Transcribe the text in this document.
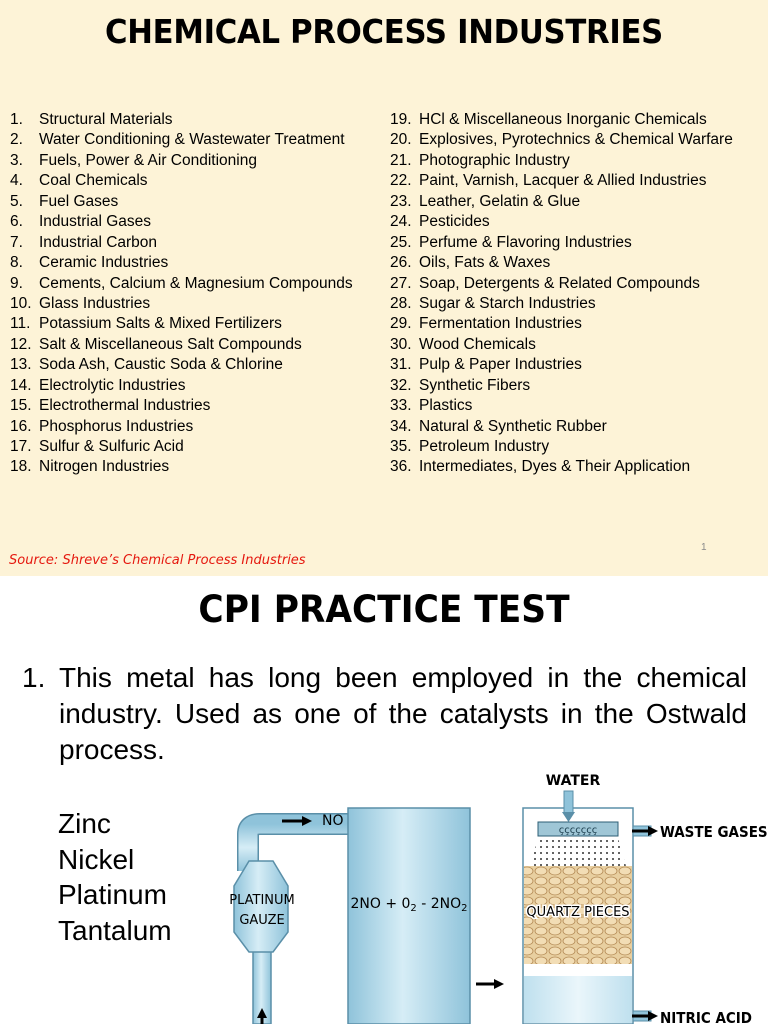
CHEMICAL PROCESS INDUSTRIES
1. Structural Materials
2. Water Conditioning & Wastewater Treatment
3. Fuels, Power & Air Conditioning
4. Coal Chemicals
5. Fuel Gases
6. Industrial Gases
7. Industrial Carbon
8. Ceramic Industries
9. Cements, Calcium & Magnesium Compounds
10. Glass Industries
11. Potassium Salts & Mixed Fertilizers
12. Salt & Miscellaneous Salt Compounds
13. Soda Ash, Caustic Soda & Chlorine
14. Electrolytic Industries
15. Electrothermal Industries
16. Phosphorus Industries
17. Sulfur & Sulfuric Acid
18. Nitrogen Industries
19. HCl & Miscellaneous Inorganic Chemicals
20. Explosives, Pyrotechnics & Chemical Warfare
21. Photographic Industry
22. Paint, Varnish, Lacquer & Allied Industries
23. Leather, Gelatin & Glue
24. Pesticides
25. Perfume & Flavoring Industries
26. Oils, Fats & Waxes
27. Soap, Detergents & Related Compounds
28. Sugar & Starch Industries
29. Fermentation Industries
30. Wood Chemicals
31. Pulp & Paper Industries
32. Synthetic Fibers
33. Plastics
34. Natural & Synthetic Rubber
35. Petroleum Industry
36. Intermediates, Dyes & Their Application
Source: Shreve’s Chemical Process Industries
1
CPI PRACTICE TEST
1. This metal has long been employed in the chemical industry. Used as one of the catalysts in the Ostwald process.
Zinc
Nickel
Platinum
Tantalum
PLATINUM
GAUZE
NO
$2NO + 0_2 - 2NO_2$
ççççççç
QUARTZ PIECES
WATER
WASTE GASES
NITRIC ACID
